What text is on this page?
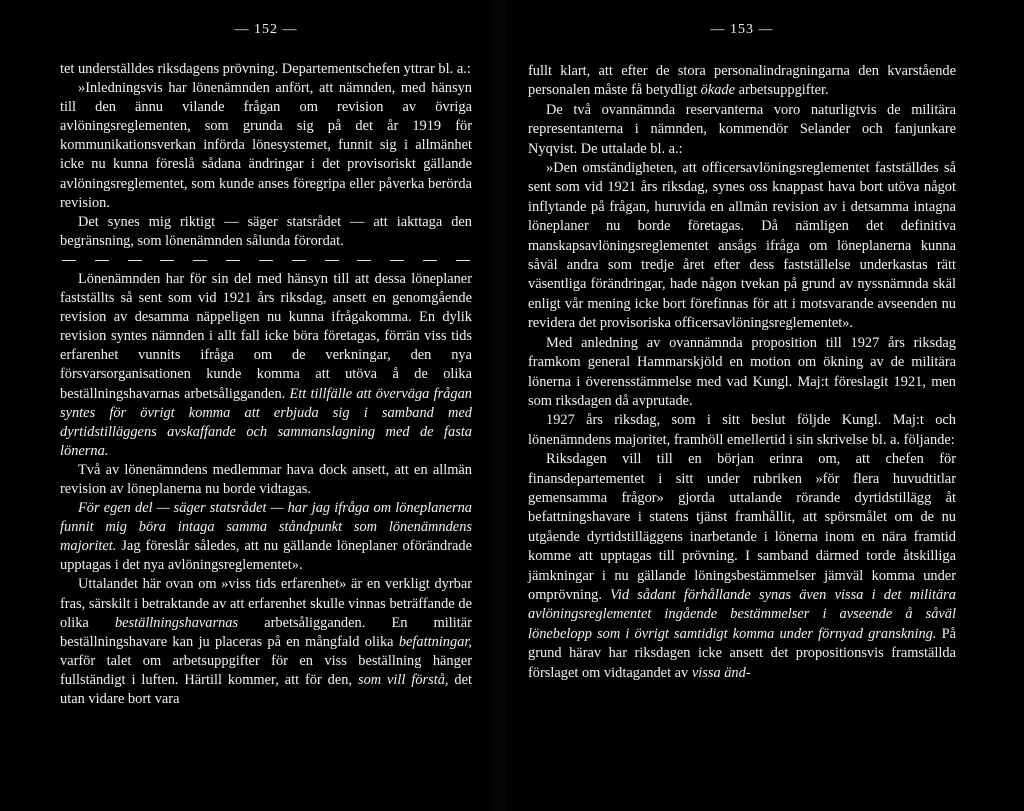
— 152 —

tet underställdes riksdagens prövning. Departementschefen yttrar bl. a.:

»Inledningsvis har lönenämnden anfört, att nämnden, med hänsyn till den ännu vilande frågan om revision av övriga avlöningsreglementen, som grunda sig på det år 1919 för kommunikationsverkan införda lönesystemet, funnit sig i allmänhet icke nu kunna föreslå sådana ändringar i det provisoriskt gällande avlöningsreglementet, som kunde anses föregripa eller påverka berörda revision.

Det synes mig riktigt — säger statsrådet — att iakttaga den begränsning, som lönenämnden sålunda förordat.

Lönenämnden har för sin del med hänsyn till att dessa löneplaner fastställts så sent som vid 1921 års riksdag, ansett en genomgående revision av desamma näppeligen nu kunna ifrågakomma. En dylik revision syntes nämnden i allt fall icke böra företagas, förrän viss tids erfarenhet vunnits ifråga om de verkningar, den nya försvarsorganisationen kunde komma att utöva å de olika beställningshavarnas arbetsåligganden. Ett tillfälle att överväga frågan syntes för övrigt komma att erbjuda sig i samband med dyrtidstilläggens avskaffande och sammanslagning med de fasta lönerna.

Två av lönenämndens medlemmar hava dock ansett, att en allmän revision av löneplanerna nu borde vidtagas.

För egen del — säger statsrådet — har jag ifråga om löneplanerna funnit mig böra intaga samma ståndpunkt som lönenämndens majoritet. Jag föreslår således, att nu gällande löneplaner oförändrade upptagas i det nya avlöningsreglementet».

Uttalandet här ovan om »viss tids erfarenhet» är en verkligt dyrbar fras, särskilt i betraktande av att erfarenhet skulle vinnas beträffande de olika beställningshavarnas arbetsåligganden. En militär beställningshavare kan ju placeras på en mångfald olika befattningar, varför talet om arbetsuppgifter för en viss beställning hänger fullständigt i luften. Härtill kommer, att för den, som vill förstå, det utan vidare bort vara

— 153 —

fullt klart, att efter de stora personalindragningarna den kvarstående personalen måste få betydligt ökade arbetsuppgifter.

De två ovannämnda reservanterna voro naturligtvis de militära representanterna i nämnden, kommendör Selander och fanjunkare Nyqvist. De uttalade bl. a.:

»Den omständigheten, att officersavlöningsreglementet fastställdes så sent som vid 1921 års riksdag, synes oss knappast hava bort utöva något inflytande på frågan, huruvida en allmän revision av i detsamma intagna löneplaner nu borde företagas. Då nämligen det definitiva manskapsavlöningsreglementet ansågs ifråga om löneplanerna kunna såväl andra som tredje året efter dess fastställelse underkastas rätt väsentliga förändringar, hade någon tvekan på grund av nyssnämnda skäl enligt vår mening icke bort förefinnas för att i motsvarande avseenden nu revidera det provisoriska officersavlöningsreglementet».

Med anledning av ovannämnda proposition till 1927 års riksdag framkom general Hammarskjöld en motion om ökning av de militära lönerna i överensstämmelse med vad Kungl. Maj:t föreslagit 1921, men som riksdagen då avprutade.

1927 års riksdag, som i sitt beslut följde Kungl. Maj:t och lönenämndens majoritet, framhöll emellertid i sin skrivelse bl. a. följande:

Riksdagen vill till en början erinra om, att chefen för finansdepartementet i sitt under rubriken »för flera huvudtitlar gemensamma frågor» gjorda uttalande rörande dyrtidstillägg åt befattningshavare i statens tjänst framhållit, att spörsmålet om de nu utgående dyrtidstilläggens inarbetande i lönerna inom en nära framtid komme att upptagas till prövning. I samband därmed torde åtskilliga jämkningar i nu gällande löningsbestämmelser jämväl komma under omprövning. Vid sådant förhållande synas även vissa i det militära avlöningsreglementet ingående bestämmelser i avseende å såväl lönebelopp som i övrigt samtidigt komma under förnyad granskning. På grund härav har riksdagen icke ansett det propositionsvis framställda förslaget om vidtagandet av vissa änd-
